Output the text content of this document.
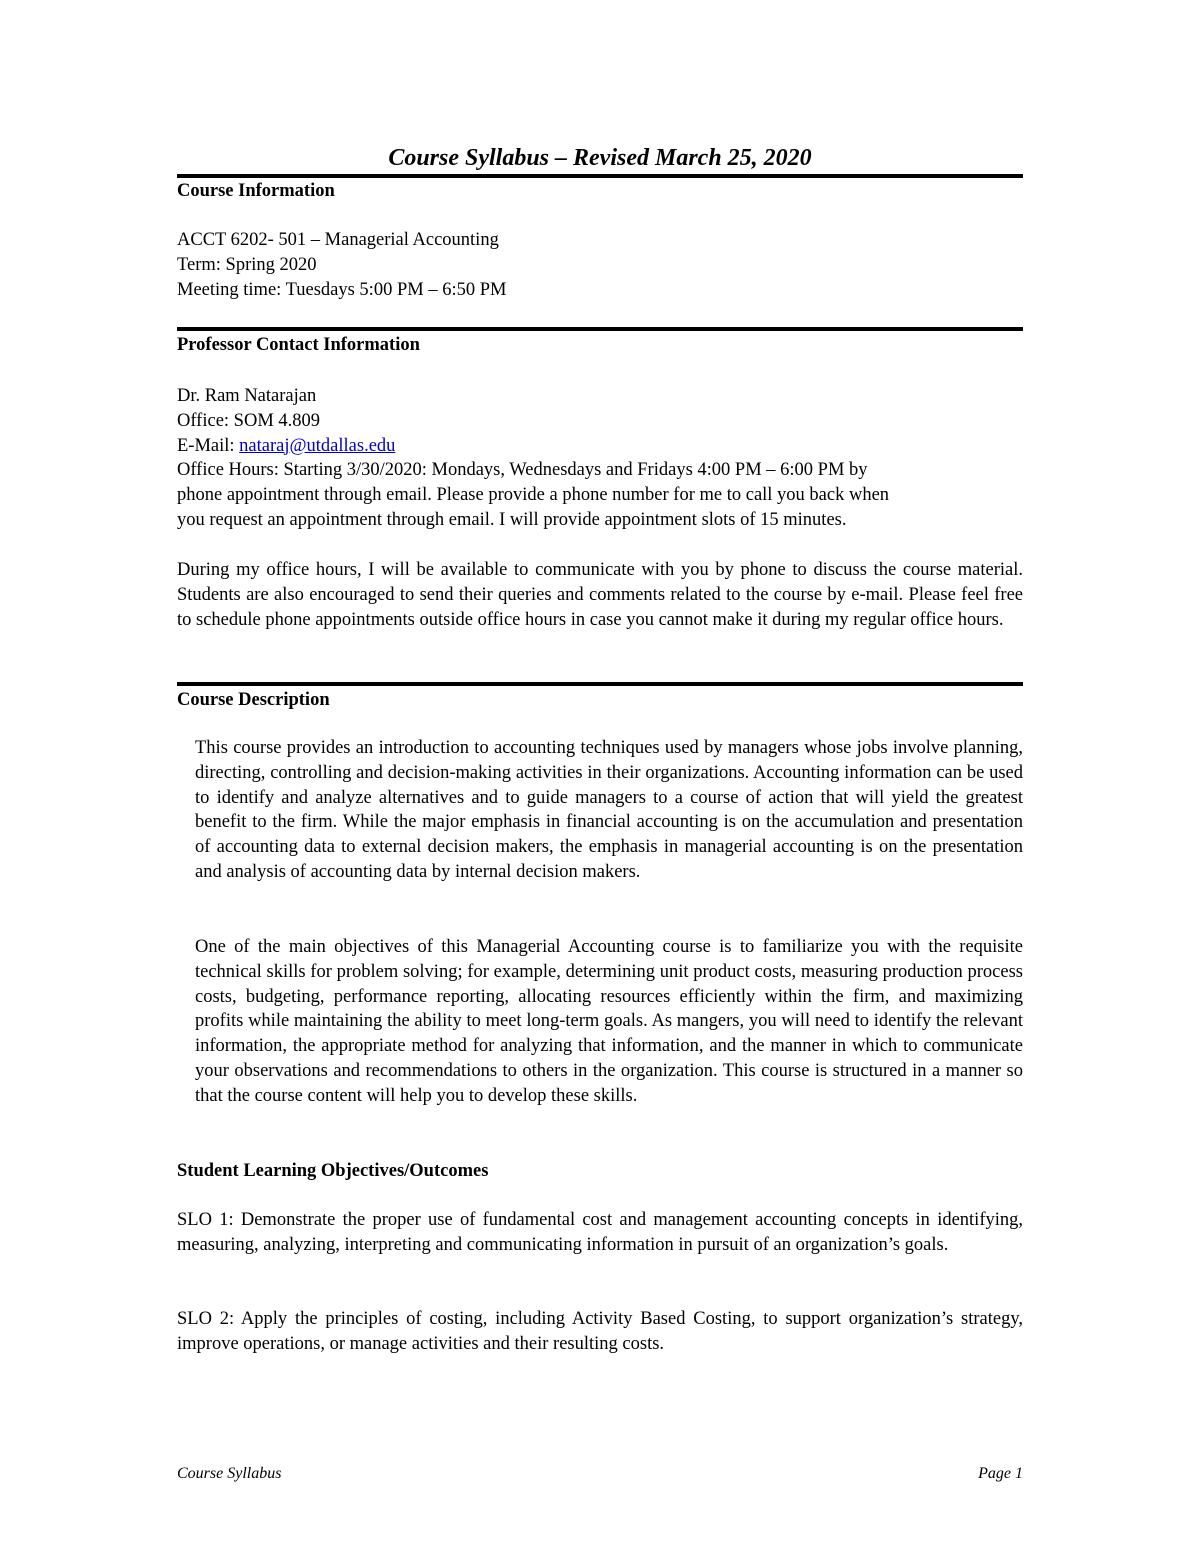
Course Syllabus – Revised March 25, 2020
Course Information
ACCT 6202- 501 – Managerial Accounting
Term: Spring 2020
Meeting time: Tuesdays 5:00 PM – 6:50 PM
Professor Contact Information
Dr. Ram Natarajan
Office: SOM 4.809
E-Mail: nataraj@utdallas.edu
Office Hours: Starting 3/30/2020: Mondays, Wednesdays and Fridays 4:00 PM – 6:00 PM by
phone appointment through email. Please provide a phone number for me to call you back when
you request an appointment through email. I will provide appointment slots of 15 minutes.
During my office hours, I will be available to communicate with you by phone to discuss the course material. Students are also encouraged to send their queries and comments related to the course by e-mail. Please feel free to schedule phone appointments outside office hours in case you cannot make it during my regular office hours.
Course Description
This course provides an introduction to accounting techniques used by managers whose jobs involve planning, directing, controlling and decision-making activities in their organizations. Accounting information can be used to identify and analyze alternatives and to guide managers to a course of action that will yield the greatest benefit to the firm. While the major emphasis in financial accounting is on the accumulation and presentation of accounting data to external decision makers, the emphasis in managerial accounting is on the presentation and analysis of accounting data by internal decision makers.
One of the main objectives of this Managerial Accounting course is to familiarize you with the requisite technical skills for problem solving; for example, determining unit product costs, measuring production process costs, budgeting, performance reporting, allocating resources efficiently within the firm, and maximizing profits while maintaining the ability to meet long-term goals. As mangers, you will need to identify the relevant information, the appropriate method for analyzing that information, and the manner in which to communicate your observations and recommendations to others in the organization. This course is structured in a manner so that the course content will help you to develop these skills.
Student Learning Objectives/Outcomes
SLO 1: Demonstrate the proper use of fundamental cost and management accounting concepts in identifying, measuring, analyzing, interpreting and communicating information in pursuit of an organization’s goals.
SLO 2: Apply the principles of costing, including Activity Based Costing, to support organization’s strategy, improve operations, or manage activities and their resulting costs.
Course Syllabus	Page 1
